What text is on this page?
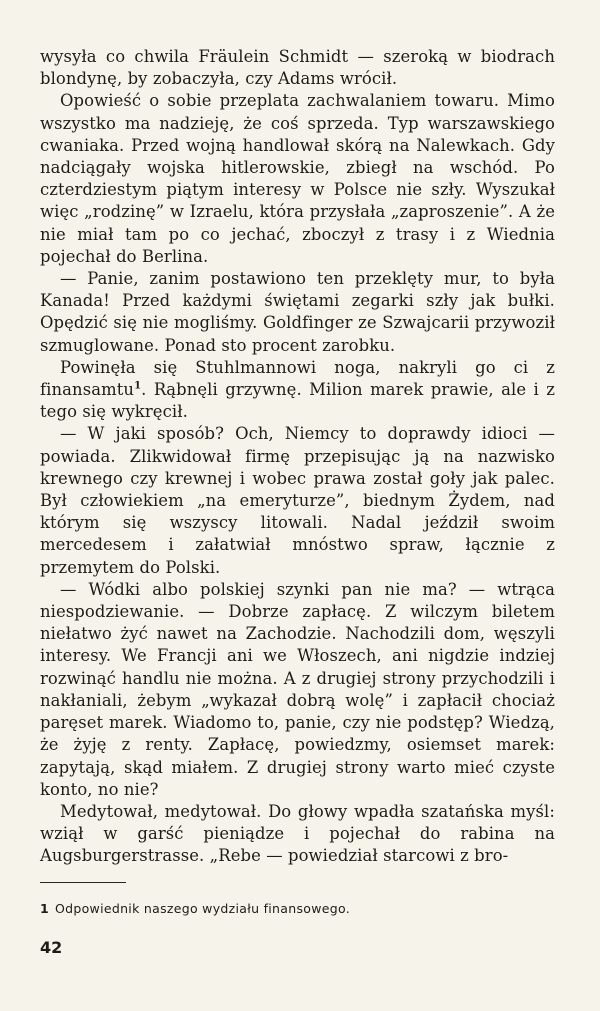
wysyła co chwila Fräulein Schmidt — szeroką w biodrach blondynę, by zobaczyła, czy Adams wrócił.

Opowieść o sobie przeplata zachwalaniem towaru. Mimo wszystko ma nadzieję, że coś sprzeda. Typ warszawskiego cwaniaka. Przed wojną handlował skórą na Nalewkach. Gdy nadciągały wojska hitlerowskie, zbiegł na wschód. Po czterdziestym piątym interesy w Polsce nie szły. Wyszukał więc „rodzinę” w Izraelu, która przysłała „zaproszenie”. A że nie miał tam po co jechać, zboczył z trasy i z Wiednia pojechał do Berlina.

— Panie, zanim postawiono ten przeklęty mur, to była Kanada! Przed każdymi świętami zegarki szły jak bułki. Opędzić się nie mogliśmy. Goldfinger ze Szwajcarii przywoził szmuglowane. Ponad sto procent zarobku.

Powinęła się Stuhlmannowi noga, nakryli go ci z finansamtu$^1$. Rąbnęli grzywnę. Milion marek prawie, ale i z tego się wykręcił.

— W jaki sposób? Och, Niemcy to doprawdy idioci — powiada. Zlikwidował firmę przepisując ją na nazwisko krewnego czy krewnej i wobec prawa został goły jak palec. Był człowiekiem „na emeryturze”, biednym Żydem, nad którym się wszyscy litowali. Nadal jeździł swoim mercedesem i załatwiał mnóstwo spraw, łącznie z przemytem do Polski.

— Wódki albo polskiej szynki pan nie ma? — wtrąca niespodziewanie. — Dobrze zapłacę. Z wilczym biletem niełatwo żyć nawet na Zachodzie. Nachodzili dom, węszyli interesy. We Francji ani we Włoszech, ani nigdzie indziej rozwinąć handlu nie można. A z drugiej strony przychodzili i nakłaniali, żebym „wykazał dobrą wolę” i zapłacił chociaż paręset marek. Wiadomo to, panie, czy nie podstęp? Wiedzą, że żyję z renty. Zapłacę, powiedzmy, osiemset marek: zapytają, skąd miałem. Z drugiej strony warto mieć czyste konto, no nie?

Medytował, medytował. Do głowy wpadła szatańska myśl: wziął w garść pieniądze i pojechał do rabina na Augsburgerstrasse. „Rebe — powiedział starcowi z bro-

1 Odpowiednik naszego wydziału finansowego.
42
